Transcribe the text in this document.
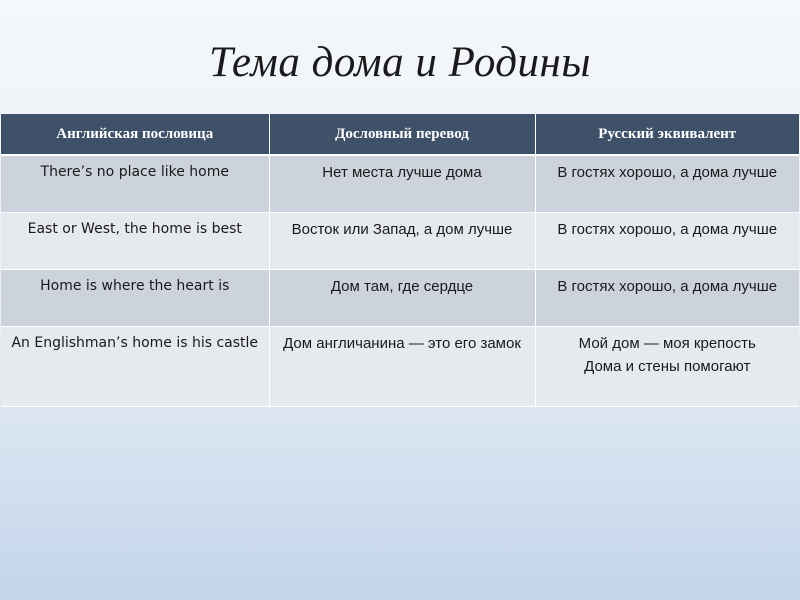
Тема дома и Родины
Английская пословица	Дословный перевод	Русский эквивалент
There’s no place like home	Нет места лучше дома	В гостях хорошо, а дома лучше
East or West, the home is best	Восток или Запад, а дом лучше	В гостях хорошо, а дома лучше
Home is where the heart is	Дом там, где сердце	В гостях хорошо, а дома лучше
An Englishman’s home is his castle	Дом англичанина — это его замок	Мой дом — моя крепость
Дома и стены помогают
